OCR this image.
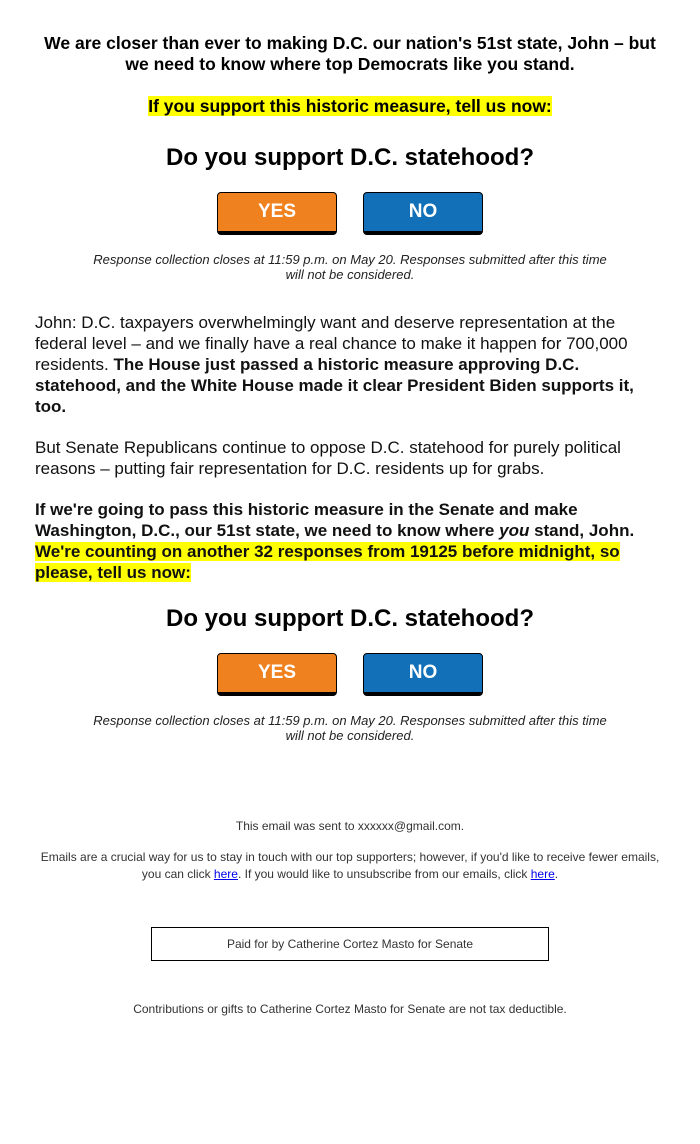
We are closer than ever to making D.C. our nation's 51st state, John – but we need to know where top Democrats like you stand.

If you support this historic measure, tell us now:

Do you support D.C. statehood?
YES	NO

Response collection closes at 11:59 p.m. on May 20. Responses submitted after this time will not be considered.

John: D.C. taxpayers overwhelmingly want and deserve representation at the federal level – and we finally have a real chance to make it happen for 700,000 residents. The House just passed a historic measure approving D.C. statehood, and the White House made it clear President Biden supports it, too.

But Senate Republicans continue to oppose D.C. statehood for purely political reasons – putting fair representation for D.C. residents up for grabs.

If we're going to pass this historic measure in the Senate and make Washington, D.C., our 51st state, we need to know where you stand, John. We're counting on another 32 responses from 19125 before midnight, so please, tell us now:

Do you support D.C. statehood?
YES	NO

Response collection closes at 11:59 p.m. on May 20. Responses submitted after this time will not be considered.

This email was sent to xxxxxx@gmail.com.
Emails are a crucial way for us to stay in touch with our top supporters; however, if you'd like to receive fewer emails, you can click here. If you would like to unsubscribe from our emails, click here.
Paid for by Catherine Cortez Masto for Senate
Contributions or gifts to Catherine Cortez Masto for Senate are not tax deductible.
